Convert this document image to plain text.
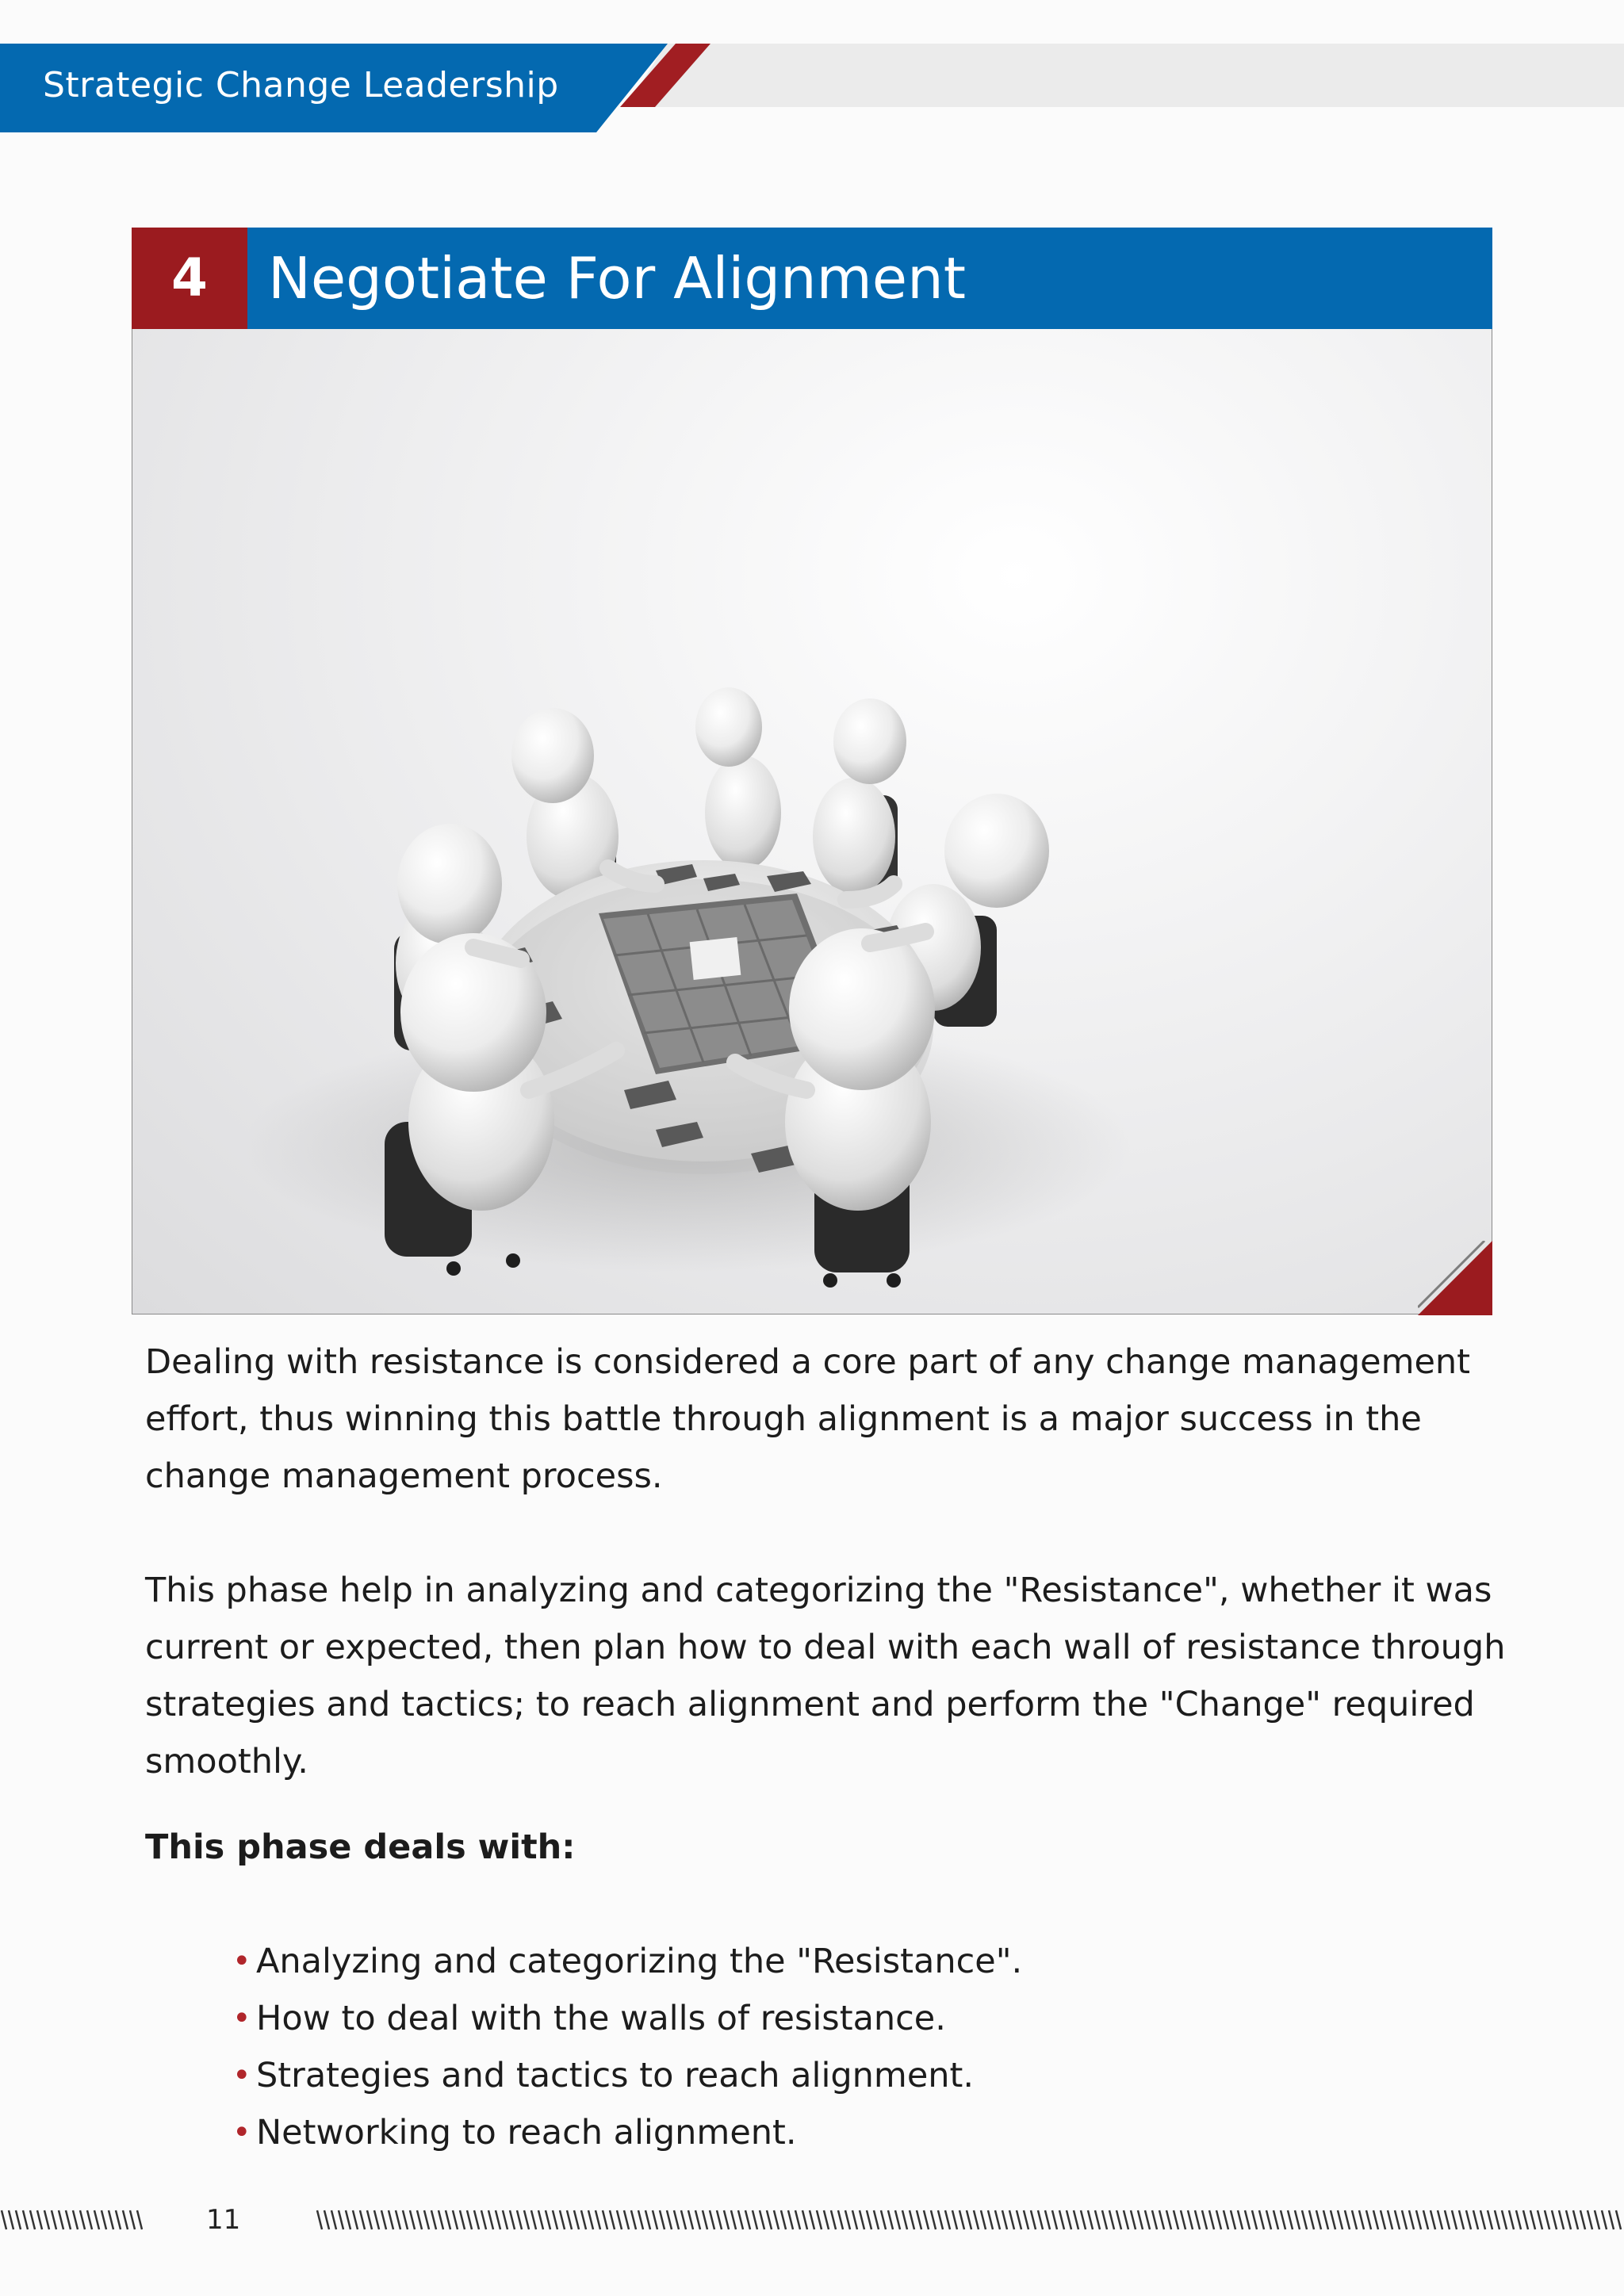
Strategic Change Leadership
4	Negotiate For Alignment

Dealing with resistance is considered a core part of any change management effort, thus winning this battle through alignment is a major success in the change management process.

This phase help in analyzing and categorizing the "Resistance", whether it was current or expected, then plan how to deal with each wall of resistance through strategies and tactics; to reach alignment and perform the "Change" required smoothly.

This phase deals with:

• Analyzing and categorizing the "Resistance".
• How to deal with the walls of resistance.
• Strategies and tactics to reach alignment.
• Networking to reach alignment.
11
